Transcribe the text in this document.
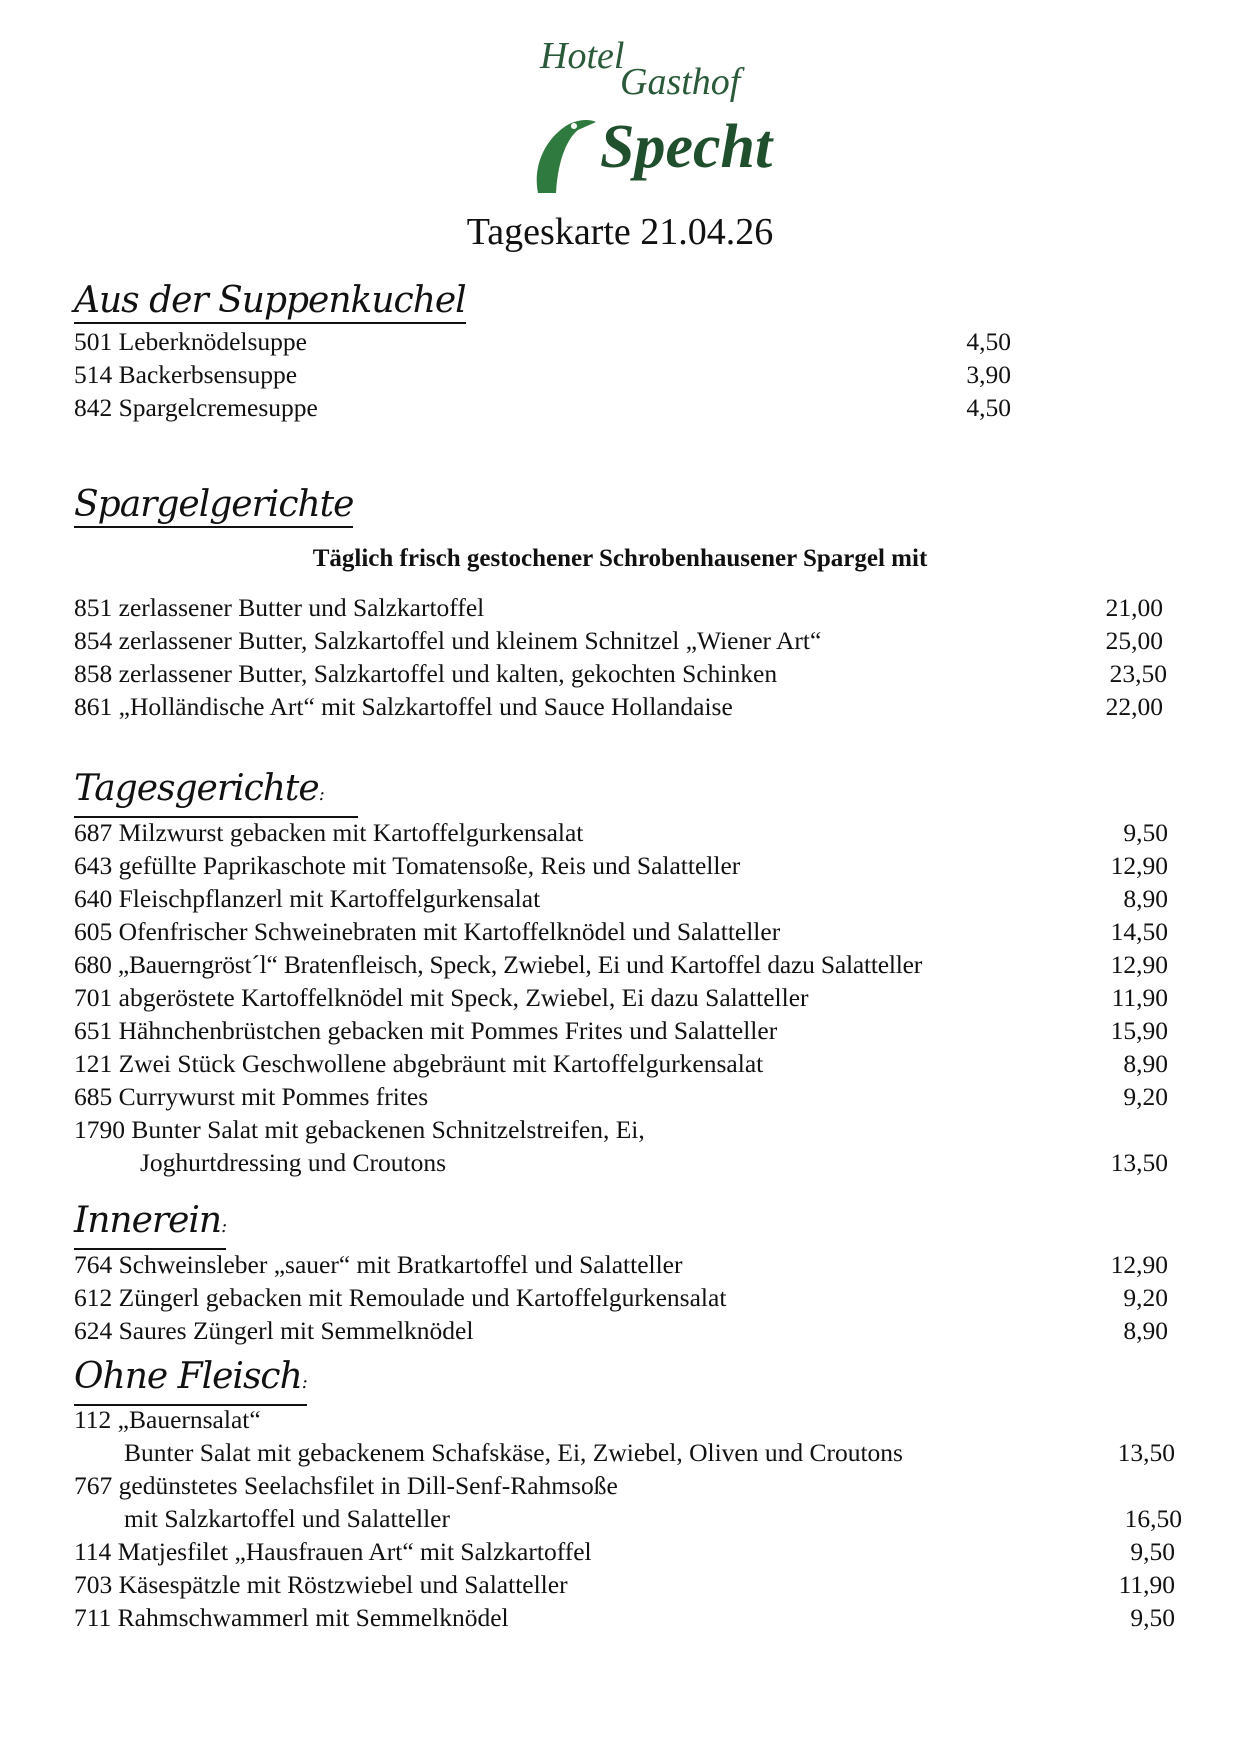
Hotel
Gasthof
Specht
Tageskarte 21.04.26
Aus der Suppenkuchel
501 Leberknödelsuppe	4,50
514 Backerbsensuppe	3,90
842 Spargelcremesuppe	4,50
Spargelgerichte
Täglich frisch gestochener Schrobenhausener Spargel mit
851 zerlassener Butter und Salzkartoffel	21,00
854 zerlassener Butter, Salzkartoffel und kleinem Schnitzel „Wiener Art“	25,00
858 zerlassener Butter, Salzkartoffel und kalten, gekochten Schinken	23,50
861 „Holländische Art“ mit Salzkartoffel und Sauce Hollandaise	22,00
Tagesgerichte :
687 Milzwurst gebacken mit Kartoffelgurkensalat	9,50
643 gefüllte Paprikaschote mit Tomatensoße, Reis und Salatteller	12,90
640 Fleischpflanzerl mit Kartoffelgurkensalat	8,90
605 Ofenfrischer Schweinebraten mit Kartoffelknödel und Salatteller	14,50
680 „Bauerngröst´l“ Bratenfleisch, Speck, Zwiebel, Ei und Kartoffel dazu Salatteller	12,90
701 abgeröstete Kartoffelknödel mit Speck, Zwiebel, Ei dazu Salatteller	11,90
651 Hähnchenbrüstchen gebacken mit Pommes Frites und Salatteller	15,90
121 Zwei Stück Geschwollene abgebräunt mit Kartoffelgurkensalat	8,90
685 Currywurst mit Pommes frites	9,20
1790 Bunter Salat mit gebackenen Schnitzelstreifen, Ei,
Joghurtdressing und Croutons	13,50
Innerein :
764 Schweinsleber „sauer“ mit Bratkartoffel und Salatteller	12,90
612 Züngerl gebacken mit Remoulade und Kartoffelgurkensalat	9,20
624 Saures Züngerl mit Semmelknödel	8,90
Ohne Fleisch :
112 „Bauernsalat“
Bunter Salat mit gebackenem Schafskäse, Ei, Zwiebel, Oliven und Croutons	13,50
767 gedünstetes Seelachsfilet in Dill-Senf-Rahmsoße
mit Salzkartoffel und Salatteller	16,50
114 Matjesfilet „Hausfrauen Art“ mit Salzkartoffel	9,50
703 Käsespätzle mit Röstzwiebel und Salatteller	11,90
711 Rahmschwammerl mit Semmelknödel	9,50
